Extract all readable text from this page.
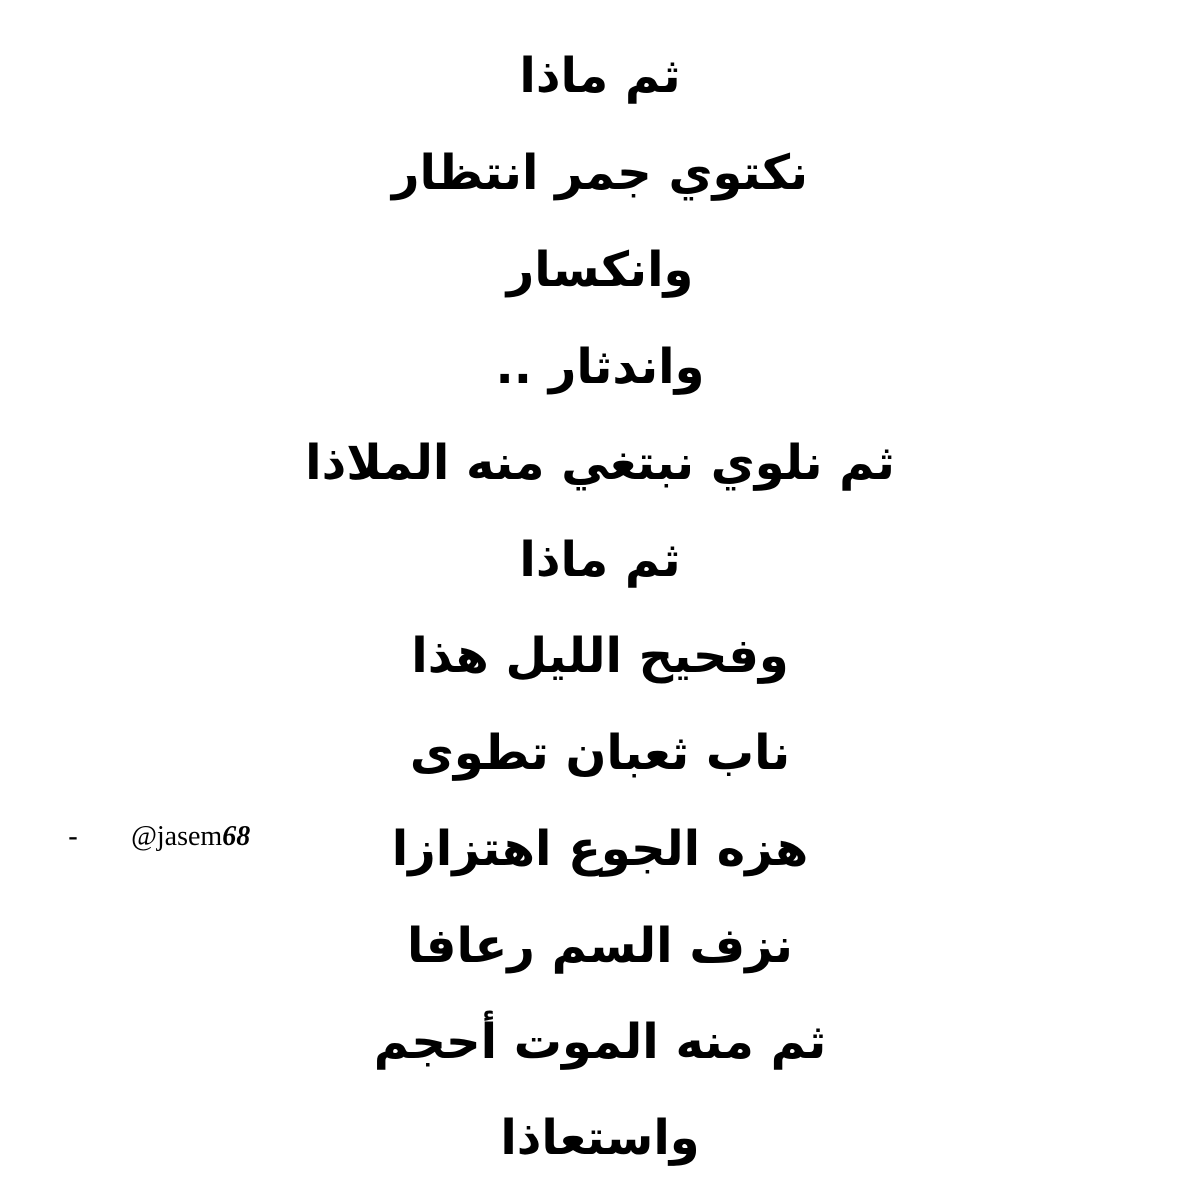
ثم ماذا
نكتوي جمر انتظار
وانكسار
واندثار ..
ثم نلوي نبتغي منه الملاذا
ثم ماذا
وفحيح الليل هذا
ناب ثعبان تطوى
هزه الجوع اهتزازا
نزف السم رعافا
ثم منه الموت أحجم
واستعاذا
- @jasem68
